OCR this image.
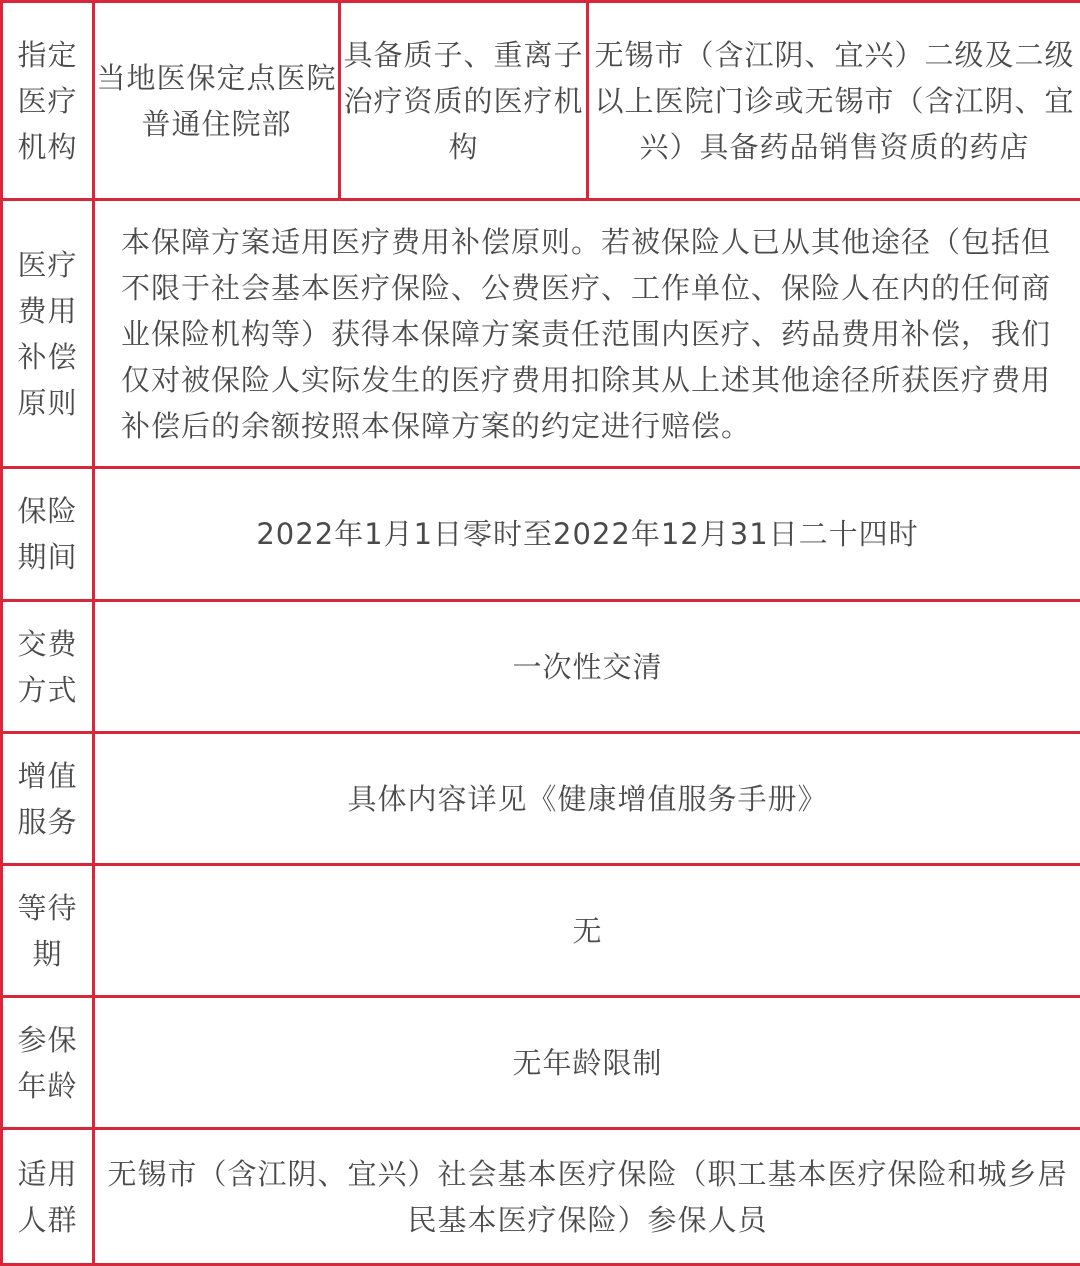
指定医疗机构	当地医保定点医院普通住院部	具备质子、重离子治疗资质的医疗机构	无锡市（含江阴、宜兴）二级及二级以上医院门诊或无锡市（含江阴、宜兴）具备药品销售资质的药店

医疗费用补偿原则	本保障方案适用医疗费用补偿原则。若被保险人已从其他途径（包括但不限于社会基本医疗保险、公费医疗、工作单位、保险人在内的任何商业保险机构等）获得本保障方案责任范围内医疗、药品费用补偿，我们仅对被保险人实际发生的医疗费用扣除其从上述其他途径所获医疗费用补偿后的余额按照本保障方案的约定进行赔偿。		

保险期间	2022年1月1日零时至2022年12月31日二十四时		

交费方式	一次性交清		

增值服务	具体内容详见《健康增值服务手册》		

等待期	无		

参保年龄	无年龄限制		

适用人群	无锡市（含江阴、宜兴）社会基本医疗保险（职工基本医疗保险和城乡居民基本医疗保险）参保人员		
